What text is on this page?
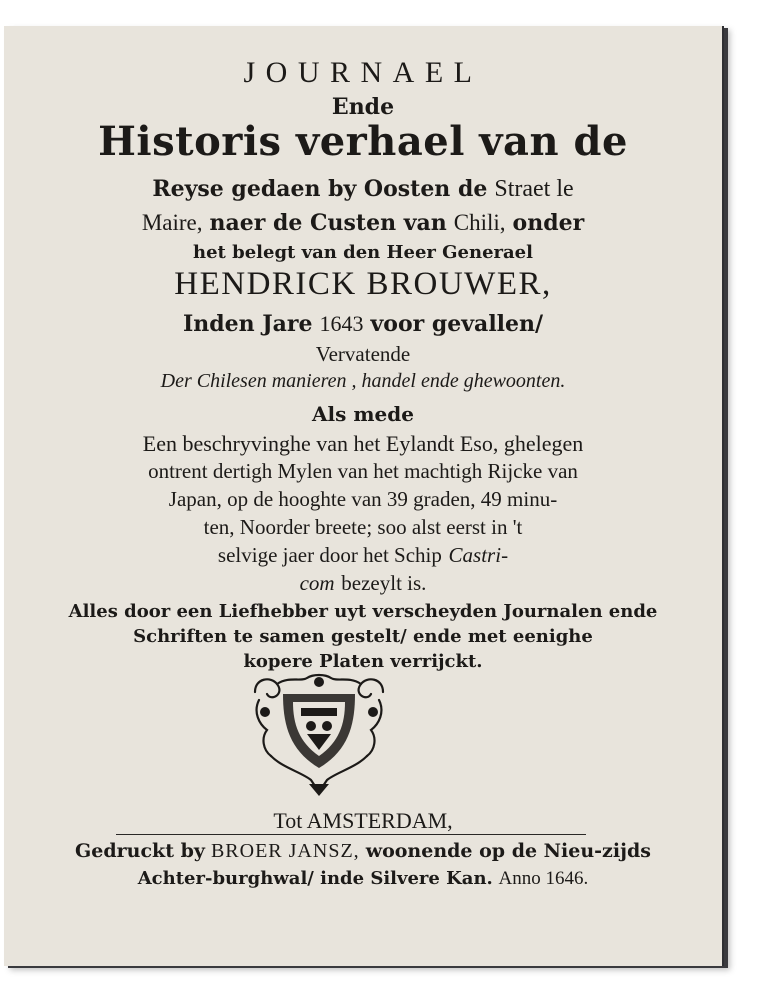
JOURNAEL
Ende
Historis verhael van de
Reyse gedaen by Oosten de Straet le
Maire, naer de Custen van Chili, onder
het belegt van den Heer Generael
HENDRICK BROUWER,
Inden Jare 1643 voor gevallen/
Vervatende
Der Chilesen manieren , handel ende ghewoonten.
Als mede
Een beschryvinghe van het Eylandt Eso, ghelegen
ontrent dertigh Mylen van het machtigh Rijcke van
Japan, op de hooghte van 39 graden, 49 minu-
ten, Noorder breete; soo alst eerst in 't
selvige jaer door het Schip Castri-
com bezeylt is.
Alles door een Liefhebber uyt verscheyden Journalen ende
Schriften te samen gestelt/ ende met eenighe
kopere Platen verrijckt.
Tot AMSTERDAM,
Gedruckt by BROER JANSZ, woonende op de Nieu-zijds
Achter-burghwal/ inde Silvere Kan. Anno 1646.
